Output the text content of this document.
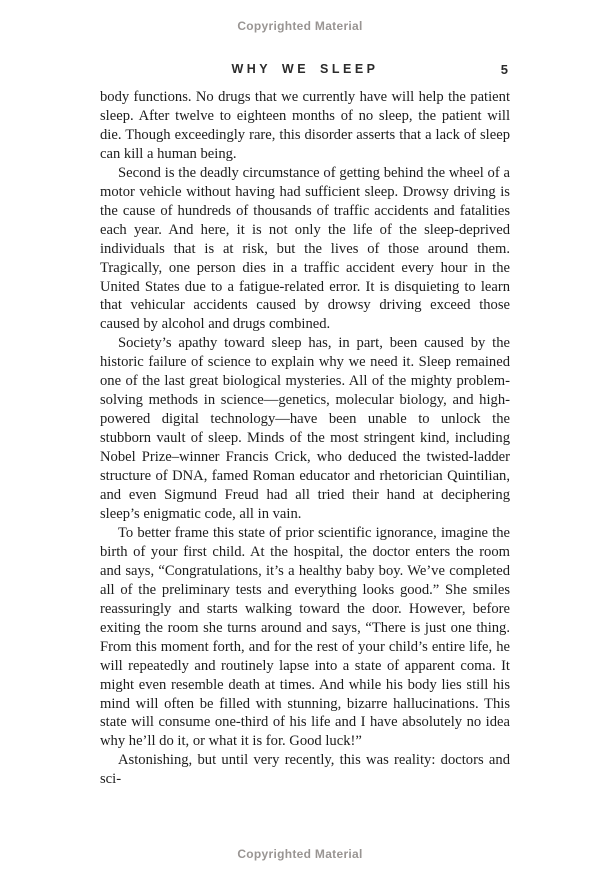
Copyrighted Material
WHY WE SLEEP	5

body functions. No drugs that we currently have will help the patient sleep. After twelve to eighteen months of no sleep, the patient will die. Though exceedingly rare, this disorder asserts that a lack of sleep can kill a human being.

Second is the deadly circumstance of getting behind the wheel of a motor vehicle without having had sufficient sleep. Drowsy driving is the cause of hundreds of thousands of traffic accidents and fatalities each year. And here, it is not only the life of the sleep-deprived individuals that is at risk, but the lives of those around them. Tragically, one person dies in a traffic accident every hour in the United States due to a fatigue-related error. It is disquieting to learn that vehicular accidents caused by drowsy driving exceed those caused by alcohol and drugs combined.

Society’s apathy toward sleep has, in part, been caused by the historic failure of science to explain why we need it. Sleep remained one of the last great biological mysteries. All of the mighty problem-solving methods in science—genetics, molecular biology, and high-powered digital technology—have been unable to unlock the stubborn vault of sleep. Minds of the most stringent kind, including Nobel Prize–winner Francis Crick, who deduced the twisted-ladder structure of DNA, famed Roman educator and rhetorician Quintilian, and even Sigmund Freud had all tried their hand at deciphering sleep’s enigmatic code, all in vain.

To better frame this state of prior scientific ignorance, imagine the birth of your first child. At the hospital, the doctor enters the room and says, “Congratulations, it’s a healthy baby boy. We’ve completed all of the preliminary tests and everything looks good.” She smiles reassuringly and starts walking toward the door. However, before exiting the room she turns around and says, “There is just one thing. From this moment forth, and for the rest of your child’s entire life, he will repeatedly and routinely lapse into a state of apparent coma. It might even resemble death at times. And while his body lies still his mind will often be filled with stunning, bizarre hallucinations. This state will consume one-third of his life and I have absolutely no idea why he’ll do it, or what it is for. Good luck!”

Astonishing, but until very recently, this was reality: doctors and sci-

Copyrighted Material
